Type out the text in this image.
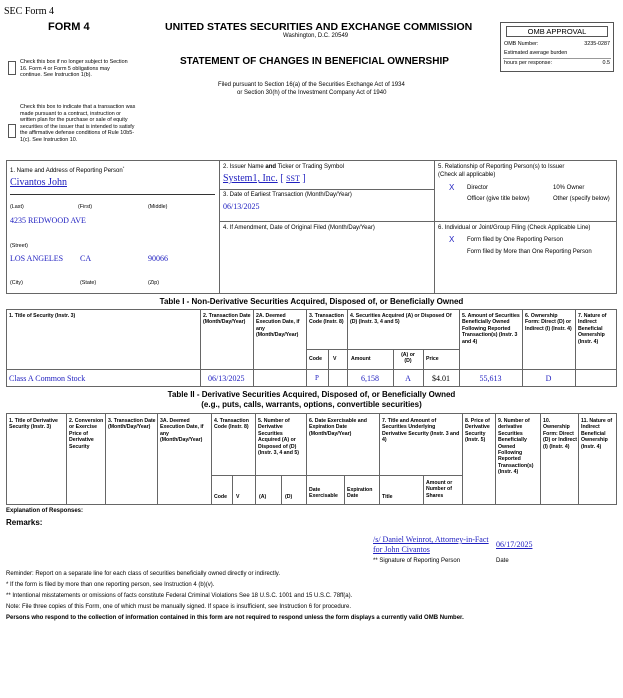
SEC Form 4
FORM 4	UNITED STATES SECURITIES AND EXCHANGE COMMISSION
Washington, D.C. 20549
STATEMENT OF CHANGES IN BENEFICIAL OWNERSHIP
Filed pursuant to Section 16(a) of the Securities Exchange Act of 1934
or Section 30(h) of the Investment Company Act of 1940
OMB APPROVAL
OMB Number:	3235-0287
Estimated average burden
hours per response:	0.5
Check this box if no longer subject to Section 16. Form 4 or Form 5 obligations may continue. See Instruction 1(b).
Check this box to indicate that a transaction was made pursuant to a contract, instruction or written plan for the purchase or sale of equity securities of the issuer that is intended to satisfy the affirmative defense conditions of Rule 10b5-1(c). See Instruction 10.
1. Name and Address of Reporting Person*
Civantos John
(Last)	(First)	(Middle)
4235 REDWOOD AVE
(Street)
LOS ANGELES CA	90066
(City)	(State)	(Zip)
2. Issuer Name and Ticker or Trading Symbol
System1, Inc. [ SST ]
3. Date of Earliest Transaction (Month/Day/Year)
06/13/2025
4. If Amendment, Date of Original Filed (Month/Day/Year)
5. Relationship of Reporting Person(s) to Issuer
(Check all applicable)
X Director	10% Owner
Officer (give title below)	Other (specify below)
6. Individual or Joint/Group Filing (Check Applicable Line)
X Form filed by One Reporting Person
Form filed by More than One Reporting Person
Table I - Non-Derivative Securities Acquired, Disposed of, or Beneficially Owned
1. Title of Security (Instr. 3)	2. Transaction Date (Month/Day/Year)
2A. Deemed Execution Date, if any (Month/Day/Year)
3. Transaction Code (Instr. 8)
4. Securities Acquired (A) or Disposed Of (D) (Instr. 3, 4 and 5)
5. Amount of Securities Beneficially Owned Following Reported Transaction(s) (Instr. 3 and 4)
6. Ownership Form: Direct (D) or Indirect (I) (Instr. 4)
7. Nature of Indirect Beneficial Ownership (Instr. 4)
Code V	Amount
(A) or (D)	Price
Class A Common Stock	06/13/2025	P	6,158	A	$4.01	55,613	D
Table II - Derivative Securities Acquired, Disposed of, or Beneficially Owned
(e.g., puts, calls, warrants, options, convertible securities)
1. Title of Derivative Security (Instr. 3)
2. Conversion or Exercise Price of Derivative Security
3. Transaction Date (Month/Day/Year)
3A. Deemed Execution Date, if any (Month/Day/Year)
4. Transaction Code (Instr. 8)
5. Number of Derivative Securities Acquired (A) or Disposed of (D) (Instr. 3, 4 and 5)
6. Date Exercisable and Expiration Date (Month/Day/Year)
7. Title and Amount of Securities Underlying Derivative Security (Instr. 3 and 4)
8. Price of Derivative Security (Instr. 5)
9. Number of derivative Securities Beneficially Owned Following Reported Transaction(s) (Instr. 4)
10. Ownership Form: Direct (D) or Indirect (I) (Instr. 4)
11. Nature of Indirect Beneficial Ownership (Instr. 4)
Code V	(A)	(D)
Date Exercisable
Expiration Date	Title
Amount or Number of Shares
Explanation of Responses:
Remarks:
/s/ Daniel Weinrot, Attorney-in-Fact
for John Civantos
06/17/2025
** Signature of Reporting Person	Date
Reminder: Report on a separate line for each class of securities beneficially owned directly or indirectly.
* If the form is filed by more than one reporting person, see Instruction 4 (b)(v).
** Intentional misstatements or omissions of facts constitute Federal Criminal Violations See 18 U.S.C. 1001 and 15 U.S.C. 78ff(a).
Note: File three copies of this Form, one of which must be manually signed. If space is insufficient, see Instruction 6 for procedure.
Persons who respond to the collection of information contained in this form are not required to respond unless the form displays a currently valid OMB Number.
